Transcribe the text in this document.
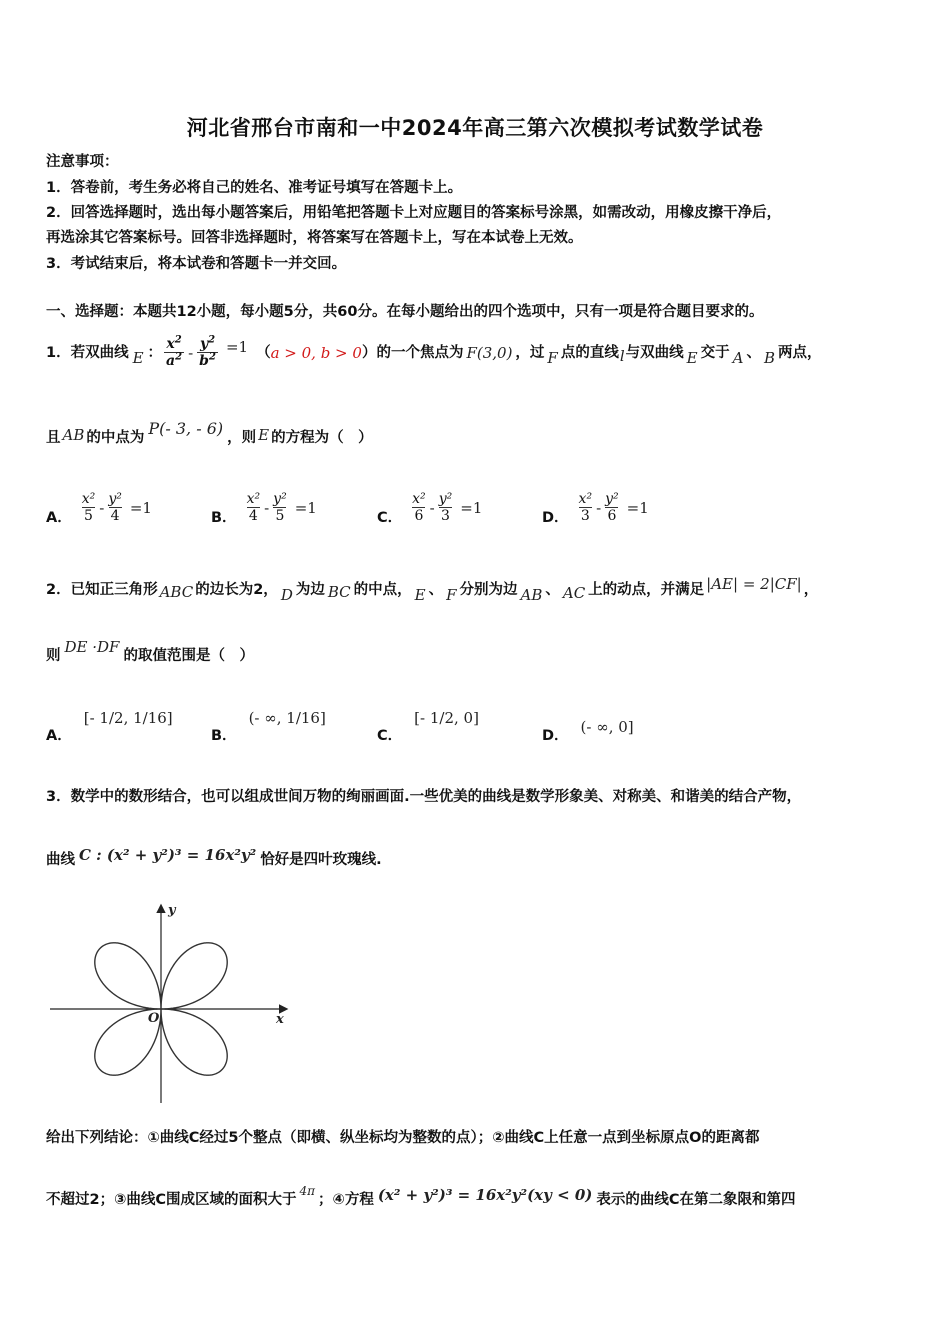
河北省邢台市南和一中2024年高三第六次模拟考试数学试卷
注意事项：
1．答卷前，考生务必将自己的姓名、准考证号填写在答题卡上。
2．回答选择题时，选出每小题答案后，用铅笔把答题卡上对应题目的答案标号涂黑，如需改动，用橡皮擦干净后，
再选涂其它答案标号。回答非选择题时，将答案写在答题卡上，写在本试卷上无效。
3．考试结束后，将本试卷和答题卡一并交回。
一、选择题：本题共12小题，每小题5分，共60分。在每小题给出的四个选项中，只有一项是符合题目要求的。
1．若双曲线 E ： $\frac{x^2}{a^2} - \frac{y^2}{b^2} =1$ （ a > 0, b > 0 ） 的一个焦点为 F(3,0) ，过 F 点的直线 l 与双曲线 E 交于 A 、 B 两点，
且 AB 的中点为 P(- 3, - 6) ，则 E 的方程为（　）
A． $\frac{\text{x²}}{5} - \frac{\text{y²}}{4} =1$
B． $\frac{\text{x²}}{4} - \frac{\text{y²}}{5} =1$
C． $\frac{\text{x²}}{6} - \frac{\text{y²}}{3} =1$
D． $\frac{\text{x²}}{3} - \frac{\text{y²}}{6} =1$
2．已知正三角形 ABC 的边长为2， D 为边 BC 的中点， E 、 F 分别为边 AB 、 AC 上的动点，并满足 |AE| = 2|CF| ，
则 DE ·DF 的取值范围是（　）
A．
[- 1/2, 1/16]
B．
(- ∞, 1/16]
C．
[- 1/2, 0]
D．
(- ∞, 0]
3．数学中的数形结合，也可以组成世间万物的绚丽画面.一些优美的曲线是数学形象美、对称美、和谐美的结合产物，
曲线 C : (x² + y²)³ = 16x²y² 恰好是四叶玫瑰线.
y
x
O
给出下列结论：①曲线C经过5个整点（即横、纵坐标均为整数的点）；②曲线C上任意一点到坐标原点O的距离都
不超过2；③曲线C围成区域的面积大于
4π
；④方程 (x² + y²)³ = 16x²y²(xy < 0) 表示的曲线C在第二象限和第四
